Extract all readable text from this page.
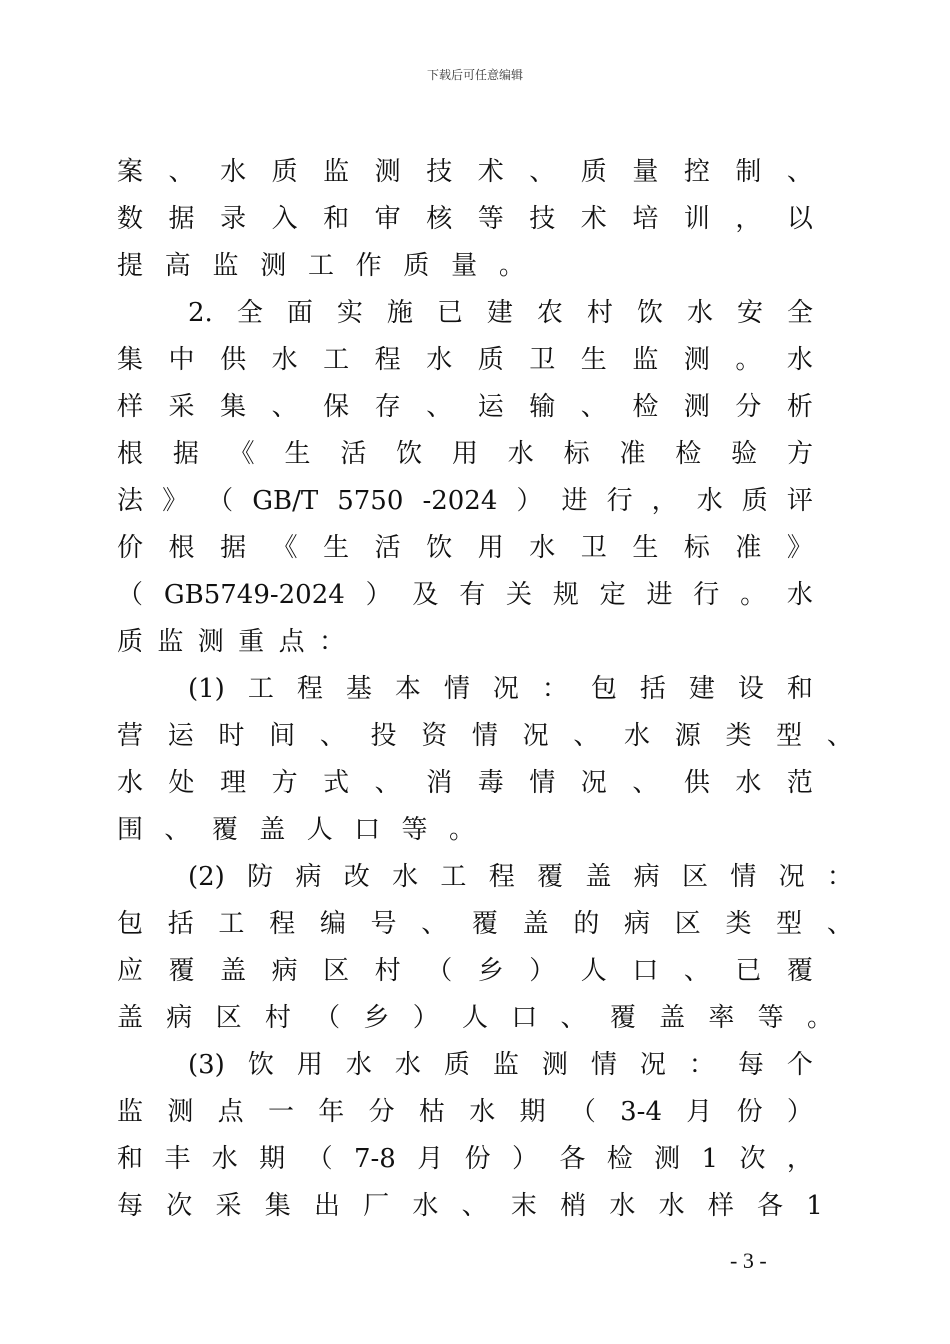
下载后可任意编辑
案 、 水 质 监 测 技 术 、 质 量 控 制 、
数 据 录 入 和 审 核 等 技 术 培 训 ， 以
提 高 监 测 工 作 质 量 。
2. 全 面 实 施 已 建 农 村 饮 水 安 全
集 中 供 水 工 程 水 质 卫 生 监 测 。 水
样 采 集 、 保 存 、 运 输 、 检 测 分 析
根 据 《 生 活 饮 用 水 标 准 检 验 方
法 》 （ GB/T 5750 -2024 ） 进 行 ， 水 质 评
价 根 据 《 生 活 饮 用 水 卫 生 标 准 》
（ GB5749-2024 ） 及 有 关 规 定 进 行 。 水
质 监 测 重 点 ：
(1) 工 程 基 本 情 况 ： 包 括 建 设 和
营 运 时 间 、 投 资 情 况 、 水 源 类 型 、
水 处 理 方 式 、 消 毒 情 况 、 供 水 范
围 、 覆 盖 人 口 等 。
(2) 防 病 改 水 工 程 覆 盖 病 区 情 况 ：
包 括 工 程 编 号 、 覆 盖 的 病 区 类 型 、
应 覆 盖 病 区 村 （ 乡 ） 人 口 、 已 覆
盖 病 区 村 （ 乡 ） 人 口 、 覆 盖 率 等 。
(3) 饮 用 水 水 质 监 测 情 况 ： 每 个
监 测 点 一 年 分 枯 水 期 （ 3-4 月 份 ）
和 丰 水 期 （ 7-8 月 份 ） 各 检 测 1 次 ，
每 次 采 集 出 厂 水 、 末 梢 水 水 样 各 1
- 3 -
